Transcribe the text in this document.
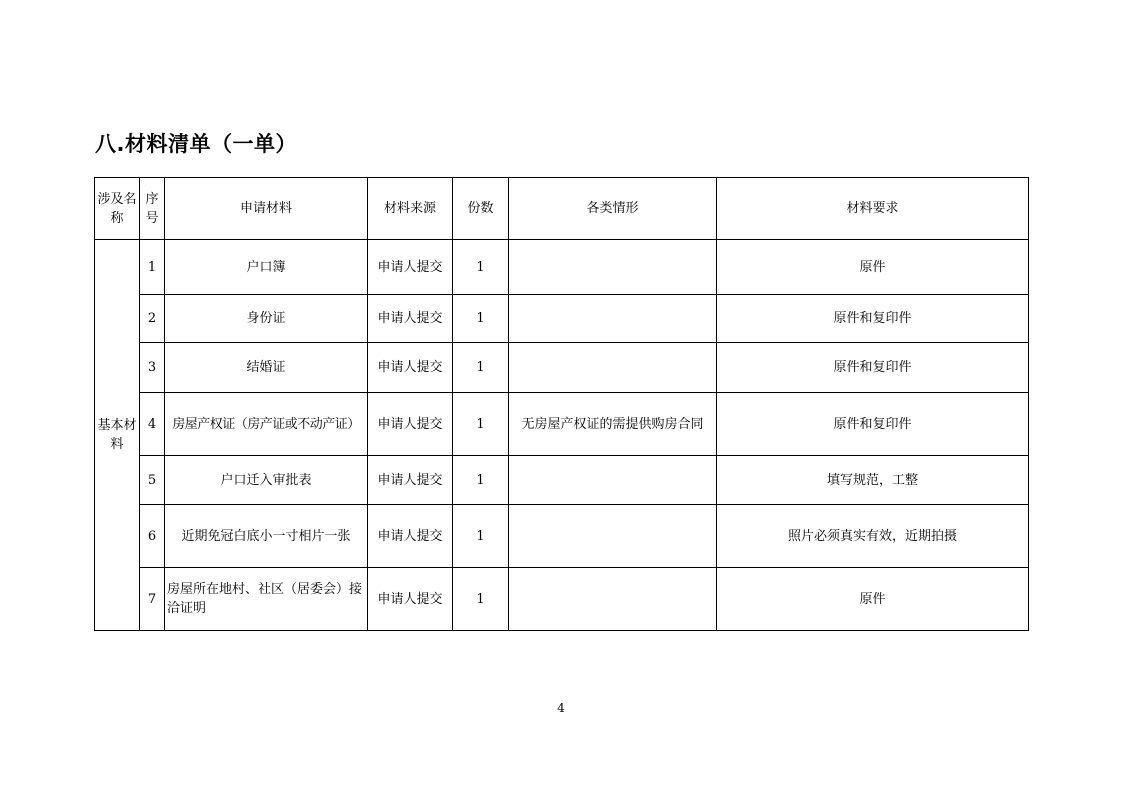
八.材料清单（一单）
涉及名称	序号	申请材料	材料来源	份数	各类情形	材料要求
基本材料	1	户口簿	申请人提交	1		原件
	2	身份证	申请人提交	1		原件和复印件
	3	结婚证	申请人提交	1		原件和复印件
	4	房屋产权证（房产证或不动产证）	申请人提交	1	无房屋产权证的需提供购房合同	原件和复印件
	5	户口迁入审批表	申请人提交	1		填写规范，工整
	6	近期免冠白底小一寸相片一张	申请人提交	1		照片必须真实有效，近期拍摄
	7	房屋所在地村、社区（居委会）接洽证明	申请人提交	1		原件
4
